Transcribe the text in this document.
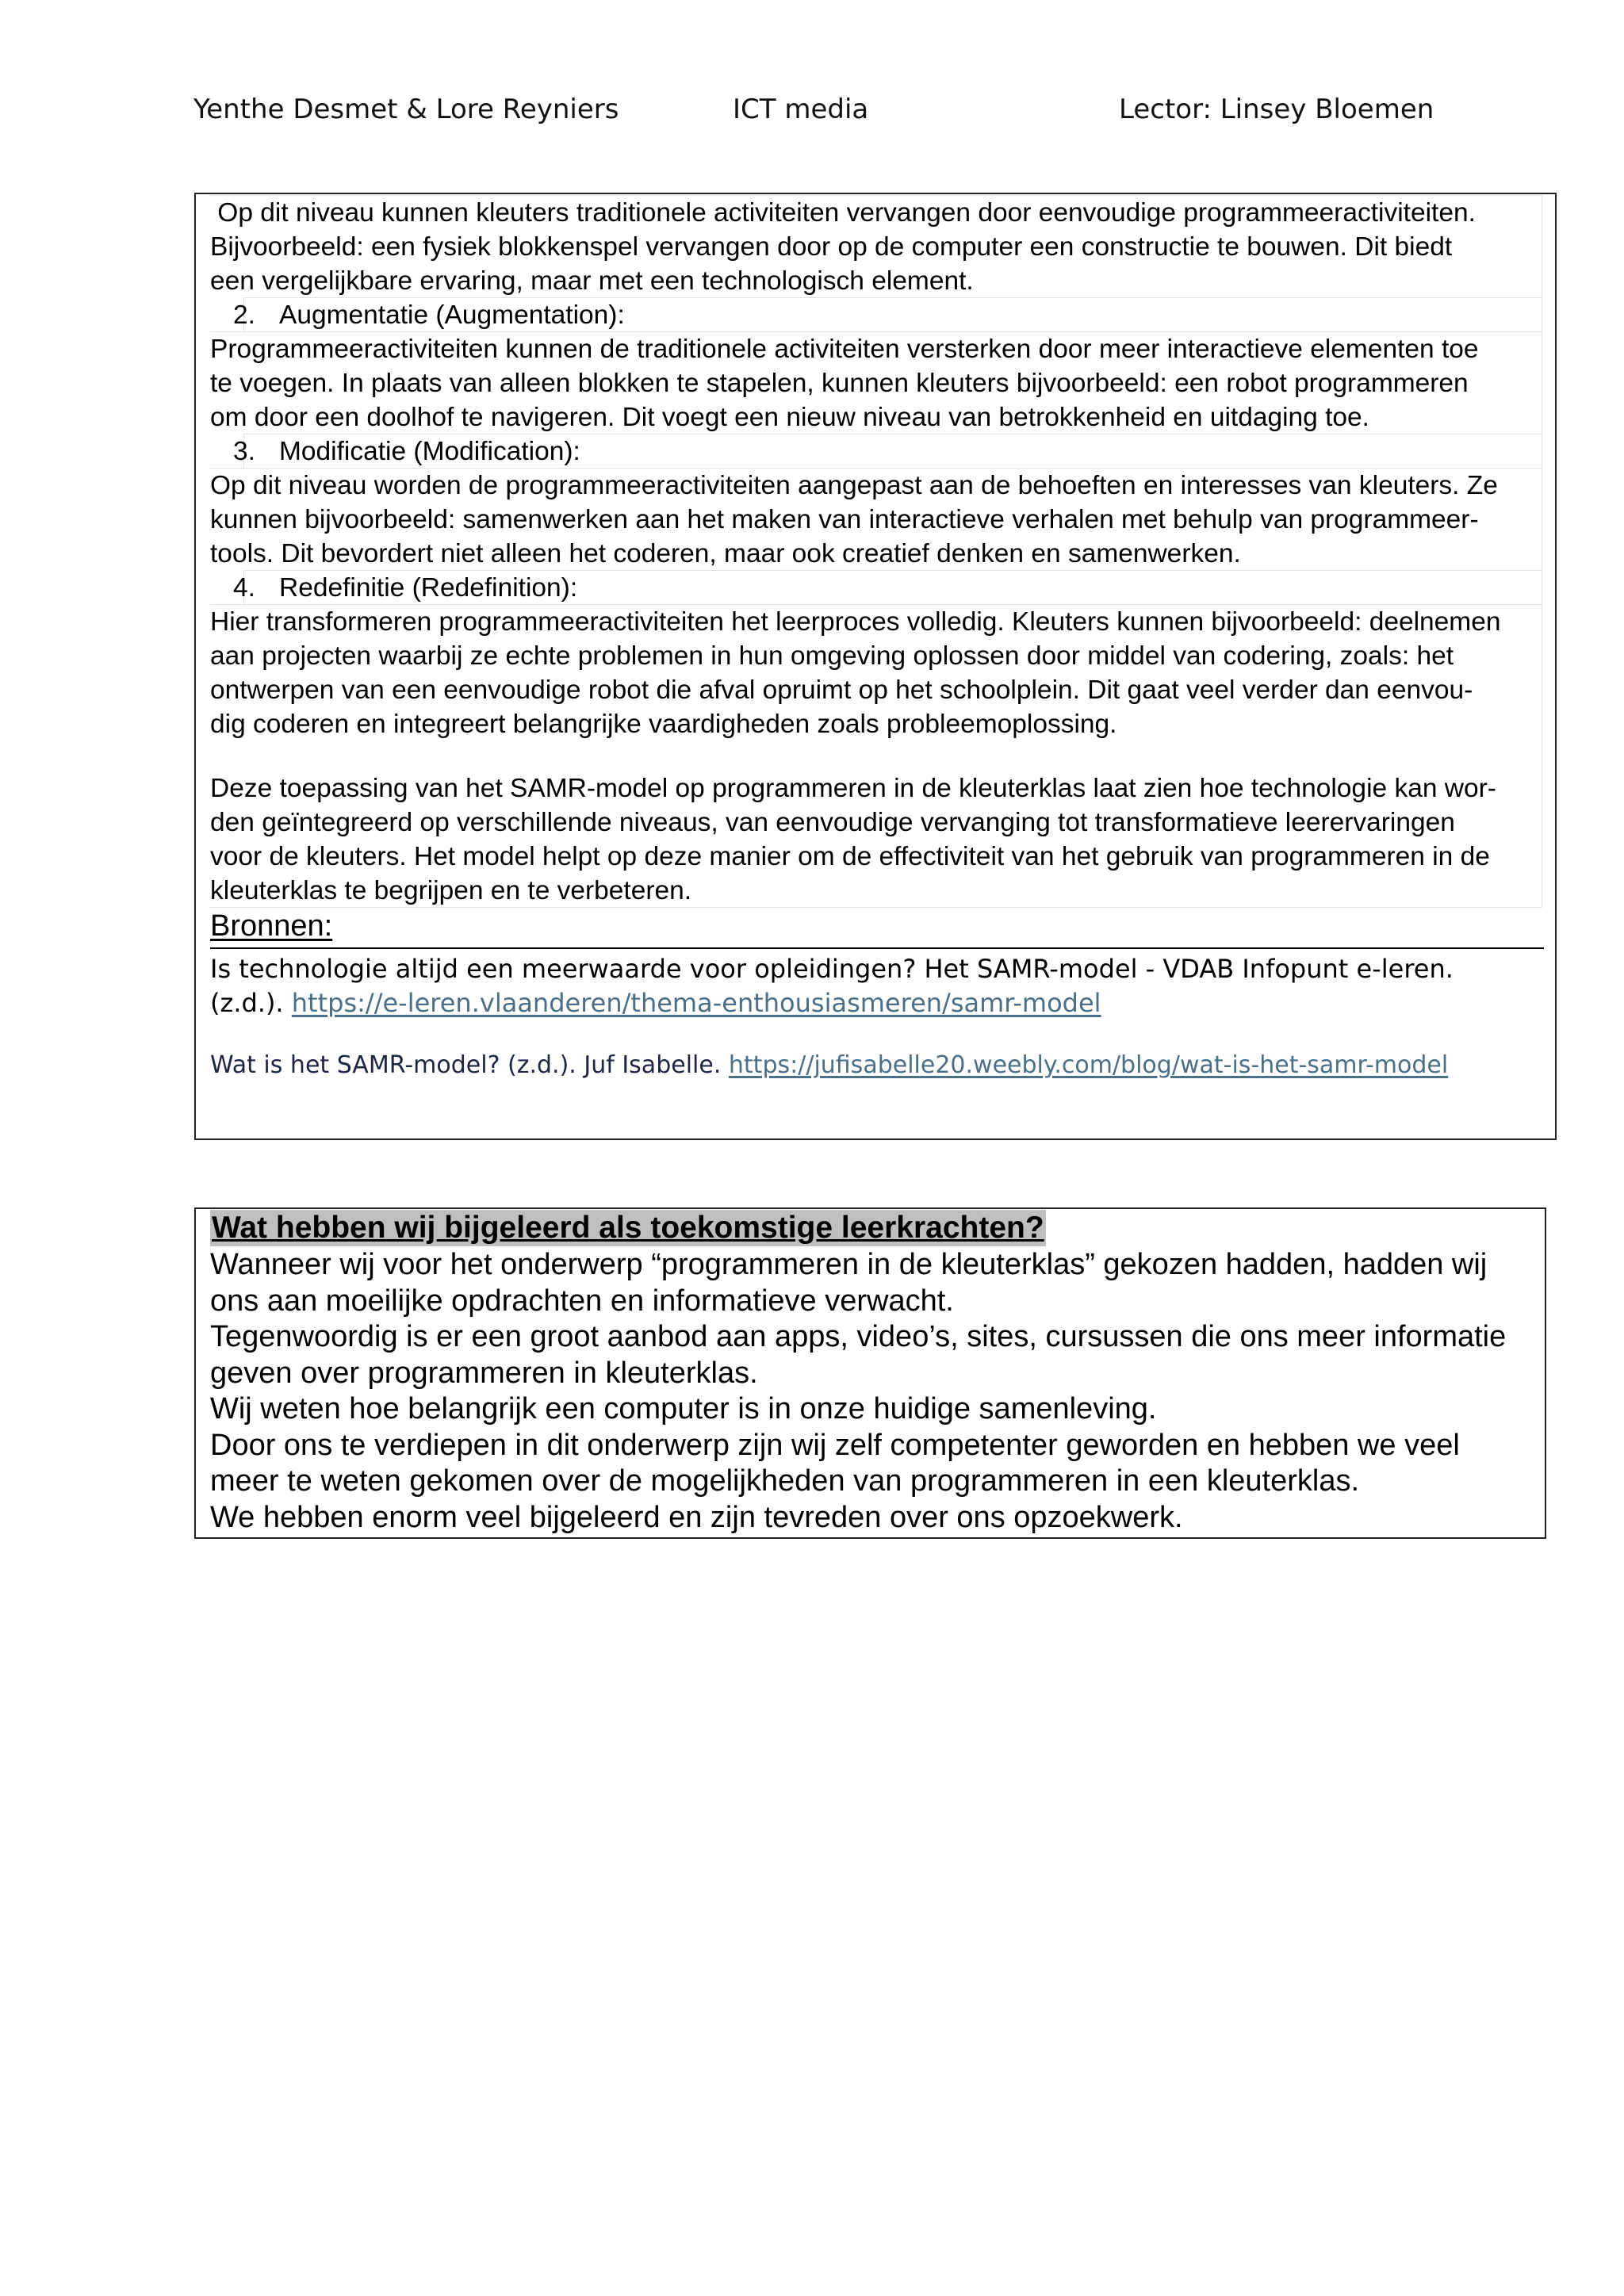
Yenthe Desmet & Lore Reyniers	ICT media	Lector: Linsey Bloemen
Op dit niveau kunnen kleuters traditionele activiteiten vervangen door eenvoudige programmeeractiviteiten.
Bijvoorbeeld: een fysiek blokkenspel vervangen door op de computer een constructie te bouwen. Dit biedt
een vergelijkbare ervaring, maar met een technologisch element.
2. Augmentatie (Augmentation):
Programmeeractiviteiten kunnen de traditionele activiteiten versterken door meer interactieve elementen toe
te voegen. In plaats van alleen blokken te stapelen, kunnen kleuters bijvoorbeeld: een robot programmeren
om door een doolhof te navigeren. Dit voegt een nieuw niveau van betrokkenheid en uitdaging toe.
3. Modificatie (Modification):
Op dit niveau worden de programmeeractiviteiten aangepast aan de behoeften en interesses van kleuters. Ze
kunnen bijvoorbeeld: samenwerken aan het maken van interactieve verhalen met behulp van programmeer-
tools. Dit bevordert niet alleen het coderen, maar ook creatief denken en samenwerken.
4. Redefinitie (Redefinition):
Hier transformeren programmeeractiviteiten het leerproces volledig. Kleuters kunnen bijvoorbeeld: deelnemen
aan projecten waarbij ze echte problemen in hun omgeving oplossen door middel van codering, zoals: het
ontwerpen van een eenvoudige robot die afval opruimt op het schoolplein. Dit gaat veel verder dan eenvou-
dig coderen en integreert belangrijke vaardigheden zoals probleemoplossing.
Deze toepassing van het SAMR-model op programmeren in de kleuterklas laat zien hoe technologie kan wor-
den geïntegreerd op verschillende niveaus, van eenvoudige vervanging tot transformatieve leerervaringen
voor de kleuters. Het model helpt op deze manier om de effectiviteit van het gebruik van programmeren in de
kleuterklas te begrijpen en te verbeteren.
Bronnen:
Is technologie altijd een meerwaarde voor opleidingen? Het SAMR-model - VDAB Infopunt e-leren.
(z.d.). https://e-leren.vlaanderen/thema-enthousiasmeren/samr-model
Wat is het SAMR-model? (z.d.). Juf Isabelle. https://jufisabelle20.weebly.com/blog/wat-is-het-samr-model
Wat hebben wij bijgeleerd als toekomstige leerkrachten?
Wanneer wij voor het onderwerp “programmeren in de kleuterklas” gekozen hadden, hadden wij
ons aan moeilijke opdrachten en informatieve verwacht.
Tegenwoordig is er een groot aanbod aan apps, video’s, sites, cursussen die ons meer informatie
geven over programmeren in kleuterklas.
Wij weten hoe belangrijk een computer is in onze huidige samenleving.
Door ons te verdiepen in dit onderwerp zijn wij zelf competenter geworden en hebben we veel
meer te weten gekomen over de mogelijkheden van programmeren in een kleuterklas.
We hebben enorm veel bijgeleerd en zijn tevreden over ons opzoekwerk.
